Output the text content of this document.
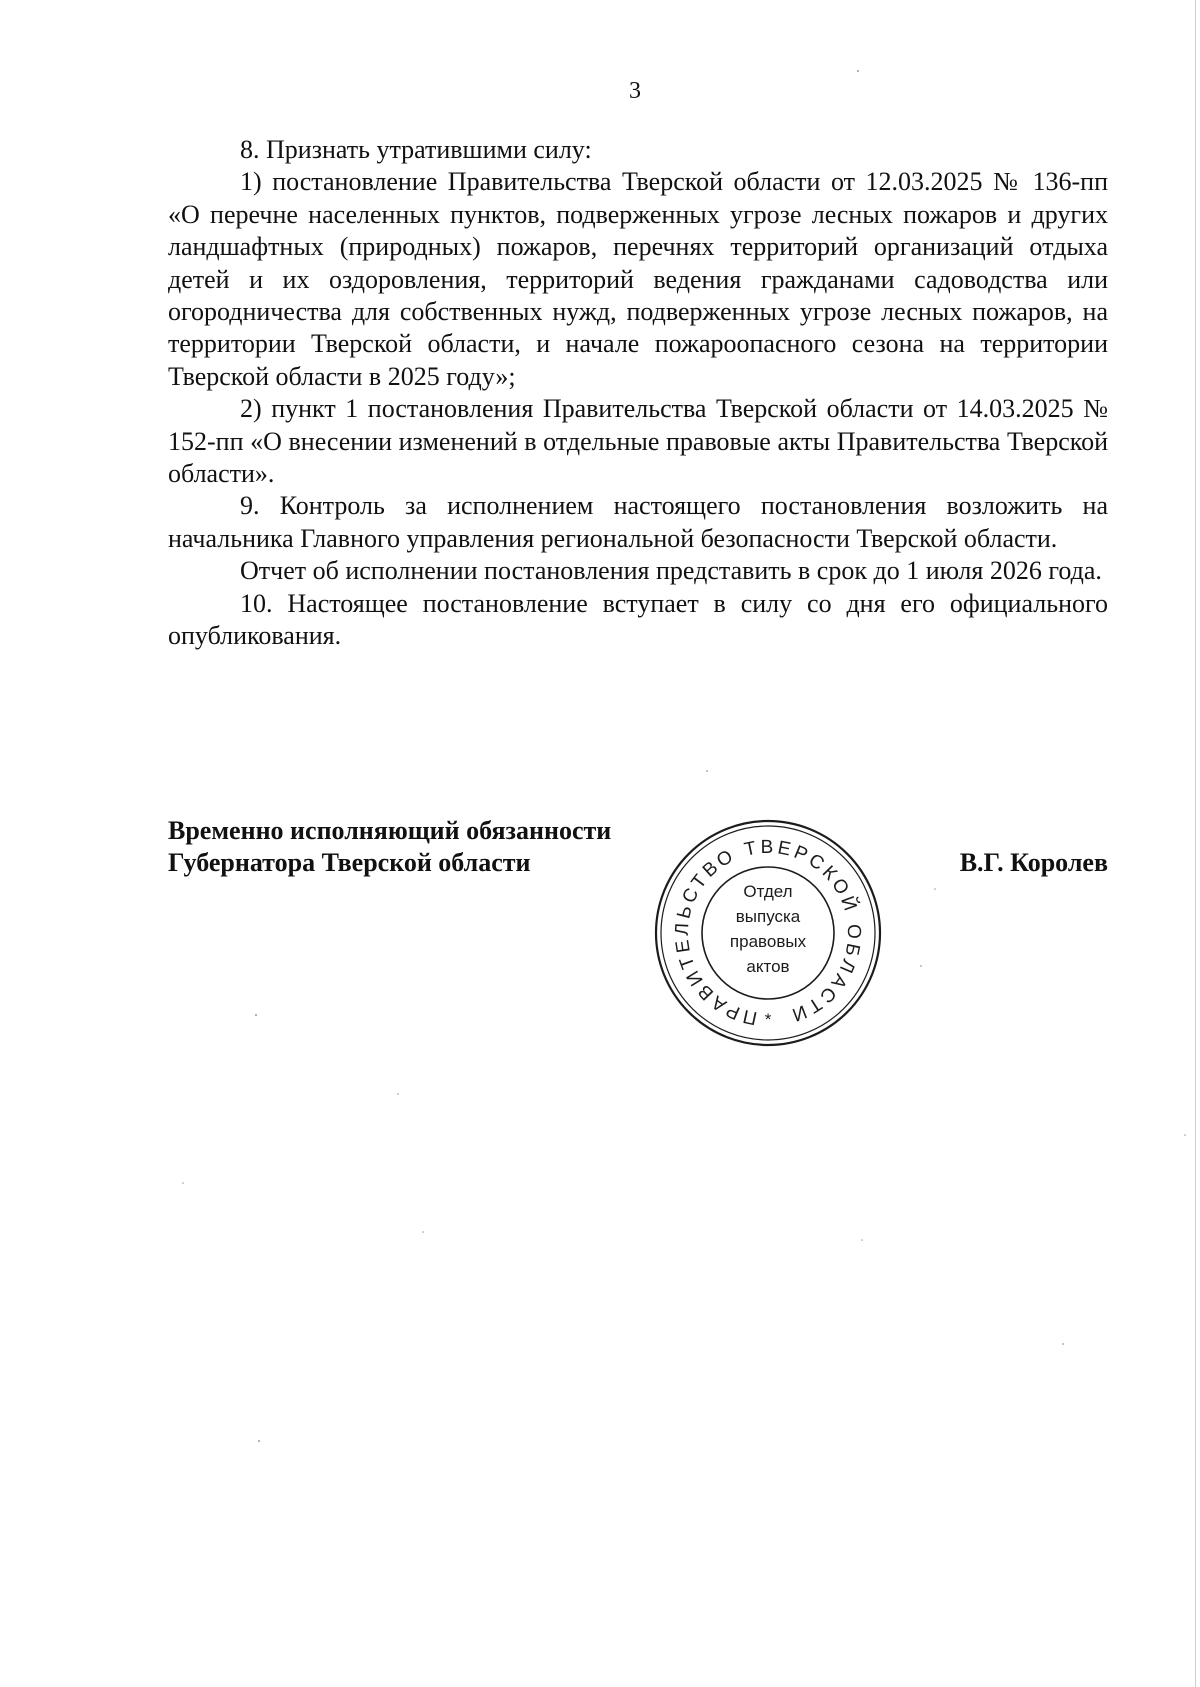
3

8. Признать утратившими силу:

1) постановление Правительства Тверской области от 12.03.2025 № 136-пп «О перечне населенных пунктов, подверженных угрозе лесных пожаров и других ландшафтных (природных) пожаров, перечнях территорий организаций отдыха детей и их оздоровления, территорий ведения гражданами садоводства или огородничества для собственных нужд, подверженных угрозе лесных пожаров, на территории Тверской области, и начале пожароопасного сезона на территории Тверской области в 2025 году»;

2) пункт 1 постановления Правительства Тверской области от 14.03.2025 № 152-пп «О внесении изменений в отдельные правовые акты Правительства Тверской области».

9. Контроль за исполнением настоящего постановления возложить на начальника Главного управления региональной безопасности Тверской области.

Отчет об исполнении постановления представить в срок до 1 июля 2026 года.

10. Настоящее постановление вступает в силу со дня его официального опубликования.

Временно исполняющий обязанности
Губернатора Тверской области
ПРАВИТЕЛЬСТВО ТВЕРСКОЙ ОБЛАСТИ
Отдел
выпуска
правовых
актов
*
В.Г. Королев
